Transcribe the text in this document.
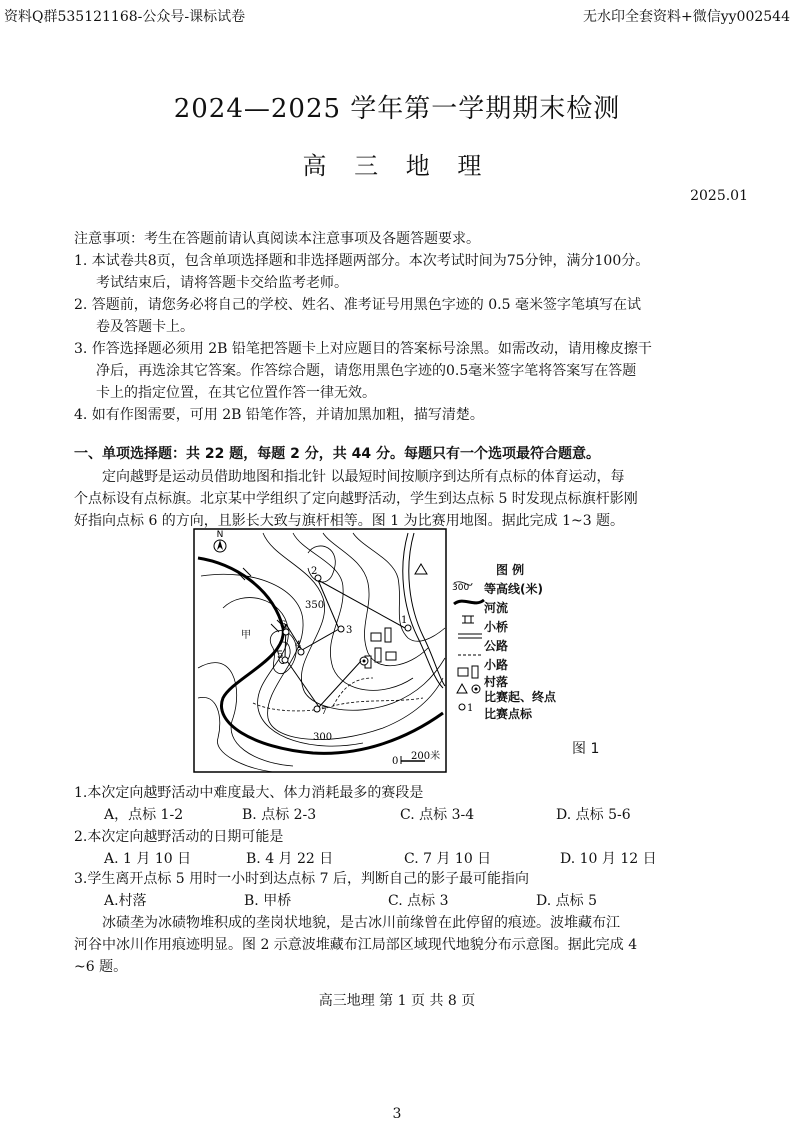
资料Q群535121168-公众号-课标试卷	无水印全套资料+微信yy002544
2024—2025 学年第一学期期末检测
高 三 地 理
2025.01
注意事项：考生在答题前请认真阅读本注意事项及各题答题要求。
1. 本试卷共8页，包含单项选择题和非选择题两部分。本次考试时间为75分钟，满分100分。
考试结束后，请将答题卡交给监考老师。
2. 答题前，请您务必将自己的学校、姓名、准考证号用黑色字迹的 0.5 毫米签字笔填写在试
卷及答题卡上。
3. 作答选择题必须用 2B 铅笔把答题卡上对应题目的答案标号涂黑。如需改动，请用橡皮擦干
净后，再选涂其它答案。作答综合题，请您用黑色字迹的0.5毫米签字笔将答案写在答题
卡上的指定位置，在其它位置作答一律无效。
4. 如有作图需要，可用 2B 铅笔作答，并请加黑加粗，描写清楚。
一、单项选择题：共 22 题，每题 2 分，共 44 分。每题只有一个选项最符合题意。
定向越野是运动员借助地图和指北针 以最短时间按顺序到达所有点标的体育运动，每
个点标设有点标旗。北京某中学组织了定向越野活动，学生到达点标 5 时发现点标旗杆影刚
好指向点标 6 的方向，且影长大致与旗杆相等。图 1 为比赛用地图。据此完成 1~3 题。
N
甲
1
2
3
4
5
6
7
350
300
0 200米
图 例
300
1
等高线(米)
河流
小桥
公路
小路
村落
比赛起、终点
比赛点标
图 1
1.本次定向越野活动中难度最大、体力消耗最多的赛段是
A，点标 1-2	B. 点标 2-3	C. 点标 3-4	D. 点标 5-6
2.本次定向越野活动的日期可能是
A. 1 月 10 日	B. 4 月 22 日	C. 7 月 10 日	D. 10 月 12 日
3.学生离开点标 5 用时一小时到达点标 7 后，判断自己的影子最可能指向
A.村落	B. 甲桥	C. 点标 3	D. 点标 5
冰碛垄为冰碛物堆积成的垄岗状地貌，是古冰川前缘曾在此停留的痕迹。波堆藏布江
河谷中冰川作用痕迹明显。图 2 示意波堆藏布江局部区域现代地貌分布示意图。据此完成 4
~6 题。
高三地理 第 1 页 共 8 页
3
